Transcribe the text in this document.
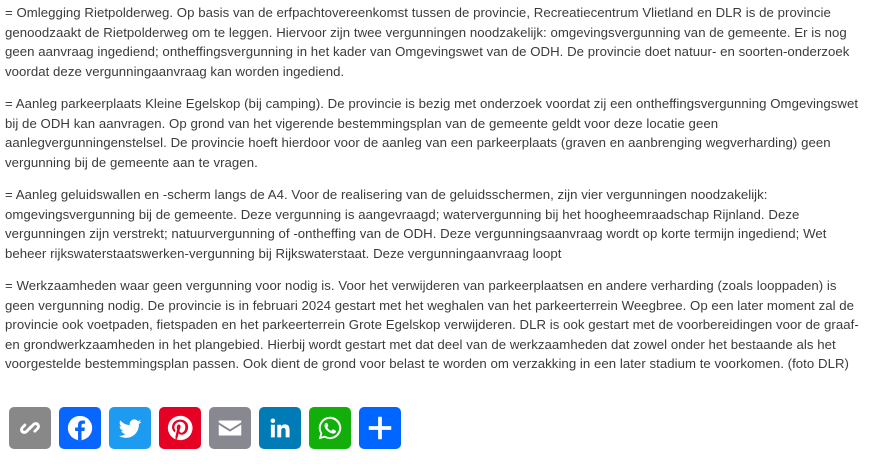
= Omlegging Rietpolderweg. Op basis van de erfpachtovereenkomst tussen de provincie, Recreatiecentrum Vlietland en DLR is de provincie genoodzaakt de Rietpolderweg om te leggen. Hiervoor zijn twee vergunningen noodzakelijk: omgevingsvergunning van de gemeente. Er is nog geen aanvraag ingediend; ontheffingsvergunning in het kader van Omgevingswet van de ODH. De provincie doet natuur- en soorten-onderzoek voordat deze vergunningaanvraag kan worden ingediend.

= Aanleg parkeerplaats Kleine Egelskop (bij camping). De provincie is bezig met onderzoek voordat zij een ontheffingsvergunning Omgevingswet bij de ODH kan aanvragen. Op grond van het vigerende bestemmingsplan van de gemeente geldt voor deze locatie geen aanlegvergunningenstelsel. De provincie hoeft hierdoor voor de aanleg van een parkeerplaats (graven en aanbrenging wegverharding) geen vergunning bij de gemeente aan te vragen.

= Aanleg geluidswallen en -scherm langs de A4. Voor de realisering van de geluidsschermen, zijn vier vergunningen noodzakelijk: omgevingsvergunning bij de gemeente. Deze vergunning is aangevraagd; watervergunning bij het hoogheemraadschap Rijnland. Deze vergunningen zijn verstrekt; natuurvergunning of -ontheffing van de ODH. Deze vergunningsaanvraag wordt op korte termijn ingediend; Wet beheer rijkswaterstaatswerken-vergunning bij Rijkswaterstaat. Deze vergunningaanvraag loopt

= Werkzaamheden waar geen vergunning voor nodig is. Voor het verwijderen van parkeerplaatsen en andere verharding (zoals looppaden) is geen vergunning nodig. De provincie is in februari 2024 gestart met het weghalen van het parkeerterrein Weegbree. Op een later moment zal de provincie ook voetpaden, fietspaden en het parkeerterrein Grote Egelskop verwijderen. DLR is ook gestart met de voorbereidingen voor de graaf- en grondwerkzaamheden in het plangebied. Hierbij wordt gestart met dat deel van de werkzaamheden dat zowel onder het bestaande als het voorgestelde bestemmingsplan passen. Ook dient de grond voor belast te worden om verzakking in een later stadium te voorkomen. (foto DLR)
